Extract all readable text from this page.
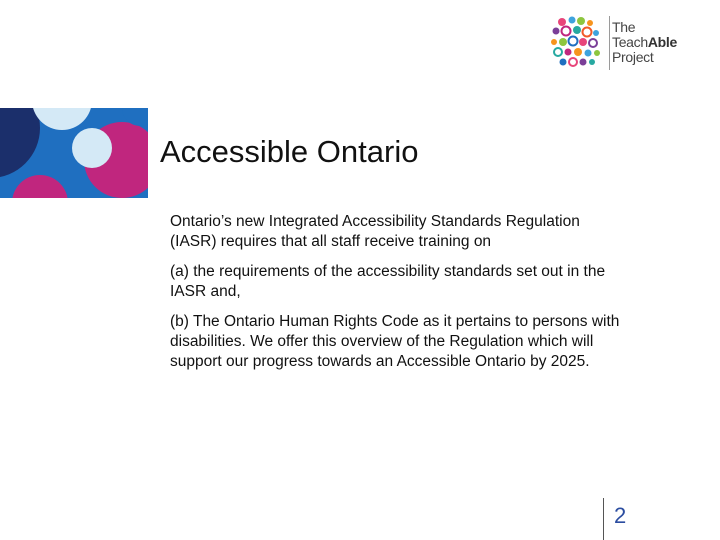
The
TeachAble
Project
Accessible Ontario

Ontario’s new Integrated Accessibility Standards Regulation (IASR) requires that all staff receive training on

(a) the requirements of the accessibility standards set out in the IASR and,

(b) The Ontario Human Rights Code as it pertains to persons with disabilities. We offer this overview of the Regulation which will support our progress towards an Accessible Ontario by 2025.

2
